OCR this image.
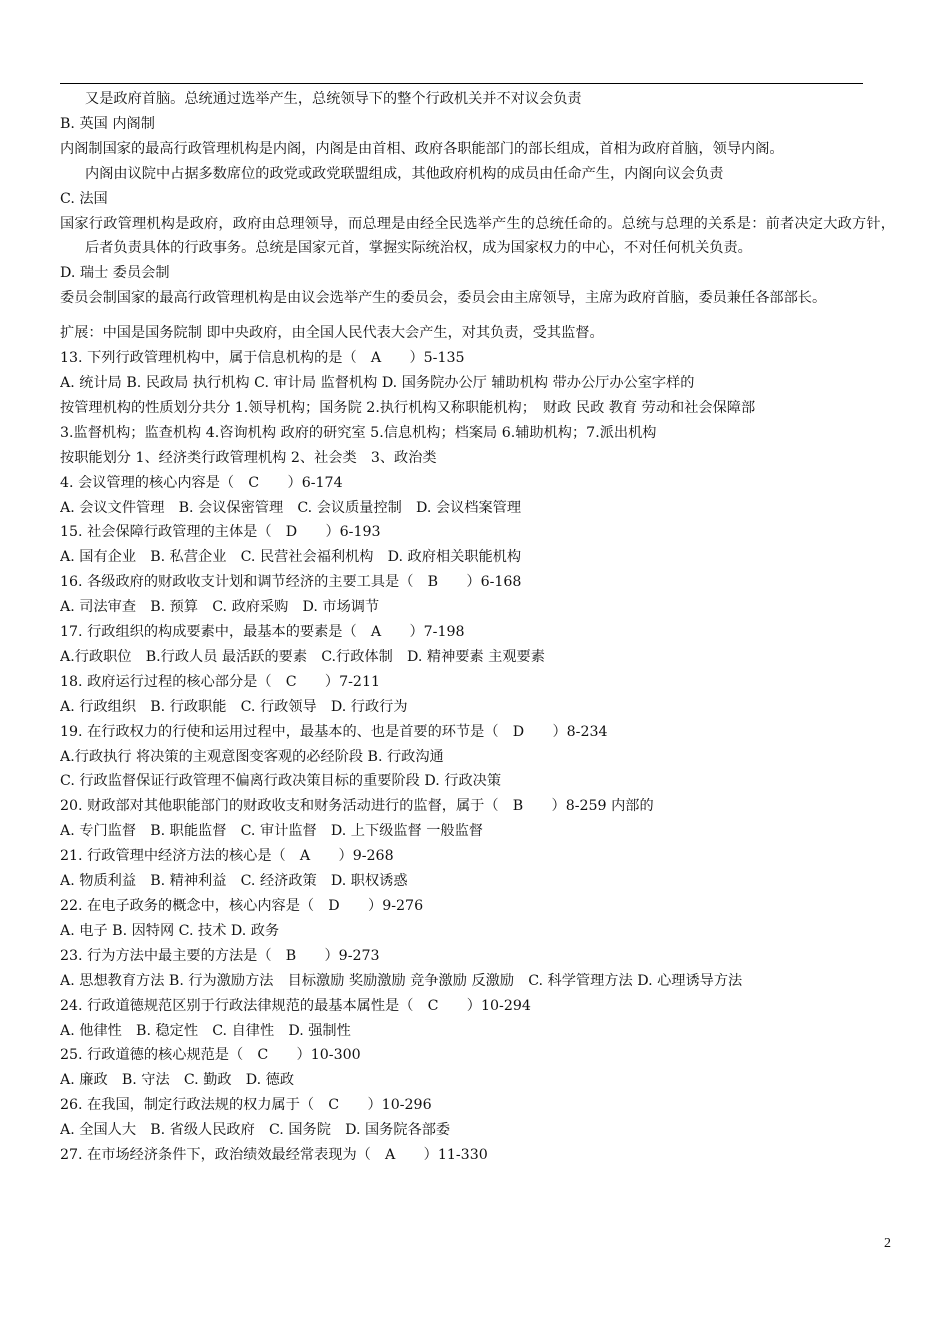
又是政府首脑。总统通过选举产生，总统领导下的整个行政机关并不对议会负责
B. 英国 内阁制
内阁制国家的最高行政管理机构是内阁，内阁是由首相、政府各职能部门的部长组成，首相为政府首脑，领导内阁。
内阁由议院中占据多数席位的政党或政党联盟组成，其他政府机构的成员由任命产生，内阁向议会负责
C. 法国
国家行政管理机构是政府，政府由总理领导，而总理是由经全民选举产生的总统任命的。总统与总理的关系是：前者决定大政方针，后者负责具体的行政事务。总统是国家元首，掌握实际统治权，成为国家权力的中心，不对任何机关负责。
D. 瑞士 委员会制
委员会制国家的最高行政管理机构是由议会选举产生的委员会，委员会由主席领导，主席为政府首脑，委员兼任各部部长。
扩展：中国是国务院制 即中央政府，由全国人民代表大会产生，对其负责，受其监督。
13. 下列行政管理机构中，属于信息机构的是（　A　　）5-135
A. 统计局 B. 民政局 执行机构 C. 审计局 监督机构 D. 国务院办公厅 辅助机构 带办公厅办公室字样的
按管理机构的性质划分共分 1.领导机构；国务院 2.执行机构又称职能机构；　财政 民政 教育 劳动和社会保障部
3.监督机构；监查机构 4.咨询机构 政府的研究室 5.信息机构；档案局 6.辅助机构；7.派出机构
按职能划分 1、经济类行政管理机构 2、社会类　3、政治类
4. 会议管理的核心内容是（　C　　）6-174
A. 会议文件管理　B. 会议保密管理　C. 会议质量控制　D. 会议档案管理
15. 社会保障行政管理的主体是（　D　　）6-193
A. 国有企业　B. 私营企业　C. 民营社会福利机构　D. 政府相关职能机构
16. 各级政府的财政收支计划和调节经济的主要工具是（　B　　）6-168
A. 司法审查　B. 预算　C. 政府采购　D. 市场调节
17. 行政组织的构成要素中，最基本的要素是（　A　　）7-198
A.行政职位　B.行政人员 最活跃的要素　C.行政体制　D. 精神要素 主观要素
18. 政府运行过程的核心部分是（　C　　）7-211
A. 行政组织　B. 行政职能　C. 行政领导　D. 行政行为
19. 在行政权力的行使和运用过程中，最基本的、也是首要的环节是（　D　　）8-234
A.行政执行 将决策的主观意图变客观的必经阶段 B. 行政沟通
C. 行政监督保证行政管理不偏离行政决策目标的重要阶段 D. 行政决策
20. 财政部对其他职能部门的财政收支和财务活动进行的监督，属于（　B　　）8-259 内部的
A. 专门监督　B. 职能监督　C. 审计监督　D. 上下级监督 一般监督
21. 行政管理中经济方法的核心是（　A　　）9-268
A. 物质利益　B. 精神利益　C. 经济政策　D. 职权诱惑
22. 在电子政务的概念中，核心内容是（　D　　）9-276
A. 电子 B. 因特网 C. 技术 D. 政务
23. 行为方法中最主要的方法是（　B　　）9-273
A. 思想教育方法 B. 行为激励方法　目标激励 奖励激励 竞争激励 反激励　C. 科学管理方法 D. 心理诱导方法
24. 行政道德规范区别于行政法律规范的最基本属性是（　C　　）10-294
A. 他律性　B. 稳定性　C. 自律性　D. 强制性
25. 行政道德的核心规范是（　C　　）10-300
A. 廉政　B. 守法　C. 勤政　D. 德政
26. 在我国，制定行政法规的权力属于（　C　　）10-296
A. 全国人大　B. 省级人民政府　C. 国务院　D. 国务院各部委
27. 在市场经济条件下，政治绩效最经常表现为（　A　　）11-330
2
